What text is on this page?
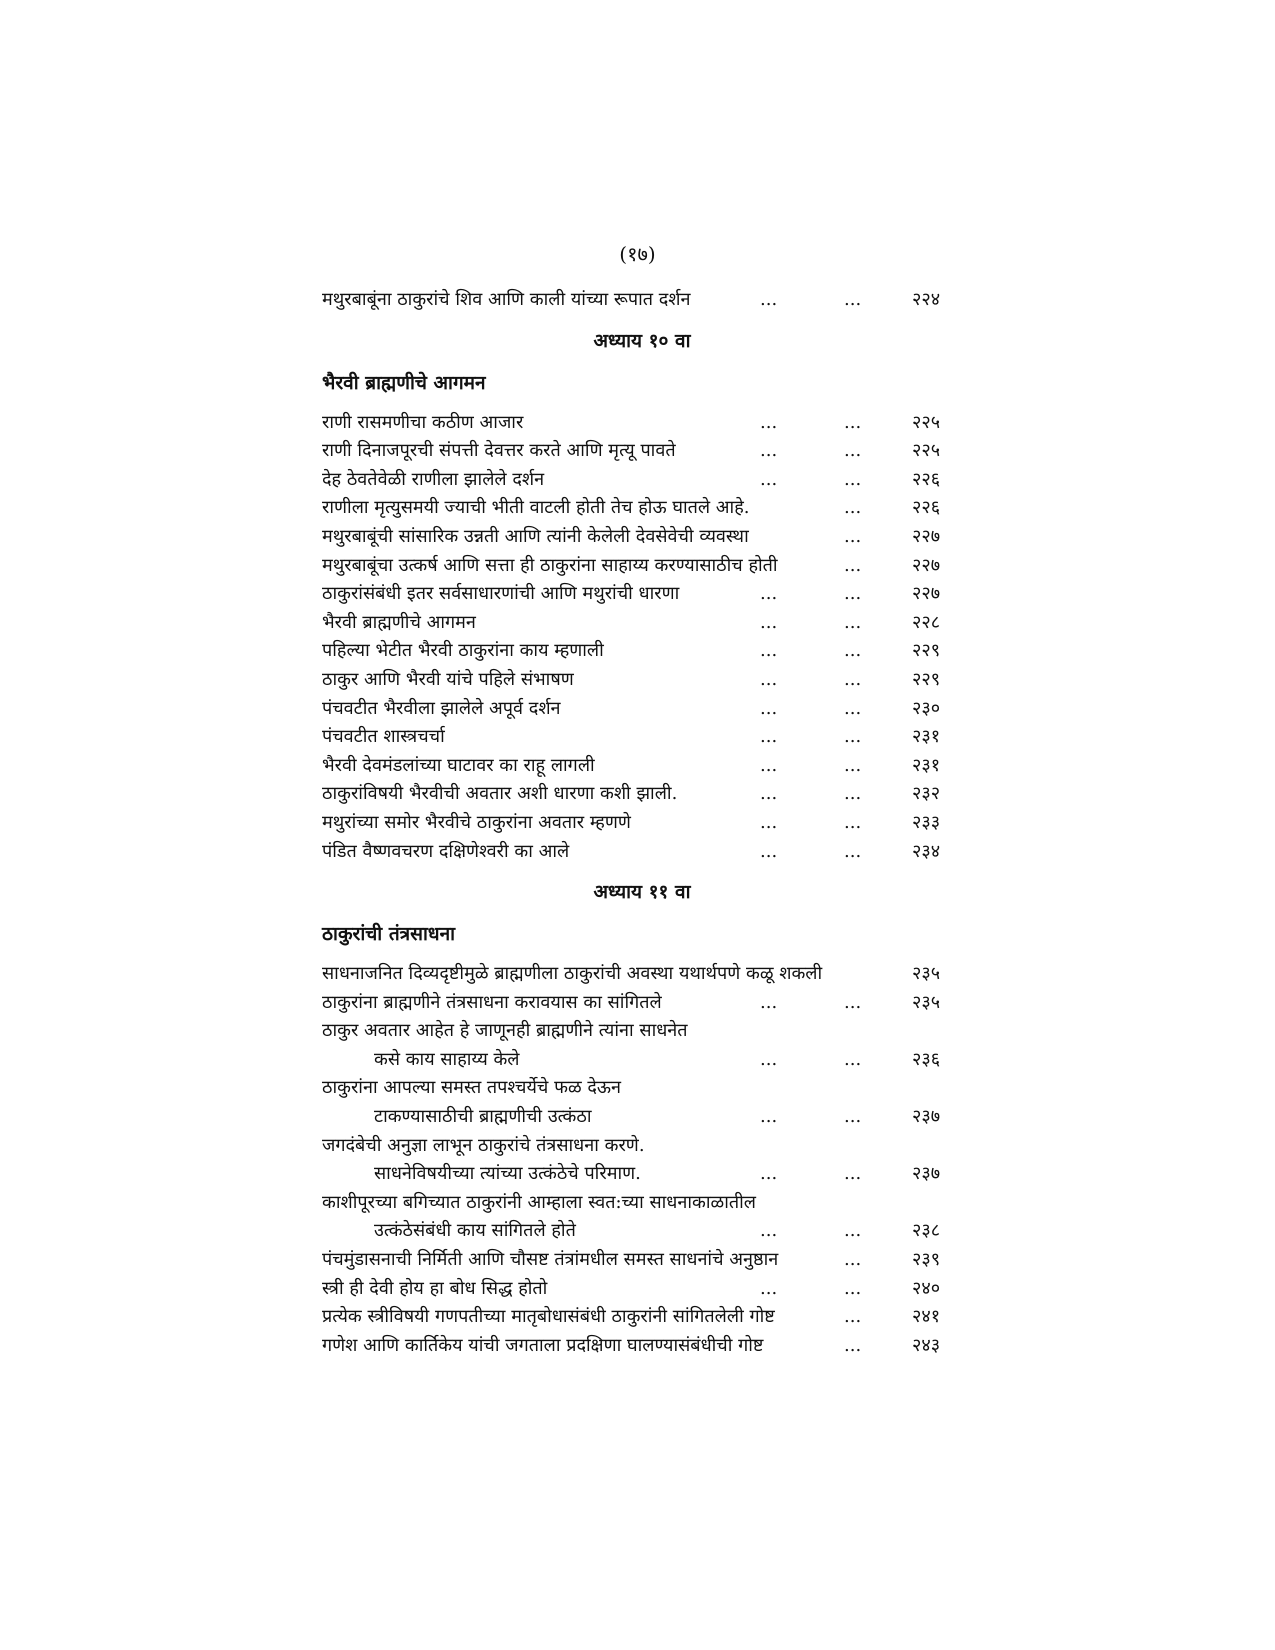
(१७)
मथुरबाबूंना ठाकुरांचे शिव आणि काली यांच्या रूपात दर्शन	...	...	२२४
अध्याय १० वा
भैरवी ब्राह्मणीचे आगमन
राणी रासमणीचा कठीण आजार	...	...	२२५
राणी दिनाजपूरची संपत्ती देवत्तर करते आणि मृत्यू पावते	...	...	२२५
देह ठेवतेवेळी राणीला झालेले दर्शन	...	...	२२६
राणीला मृत्युसमयी ज्याची भीती वाटली होती तेच होऊ घातले आहे.	...	२२६
मथुरबाबूंची सांसारिक उन्नती आणि त्यांनी केलेली देवसेवेची व्यवस्था	...	२२७
मथुरबाबूंचा उत्कर्ष आणि सत्ता ही ठाकुरांना साहाय्य करण्यासाठीच होती	...	२२७
ठाकुरांसंबंधी इतर सर्वसाधारणांची आणि मथुरांची धारणा	...	...	२२७
भैरवी ब्राह्मणीचे आगमन	...	...	२२८
पहिल्या भेटीत भैरवी ठाकुरांना काय म्हणाली	...	...	२२९
ठाकुर आणि भैरवी यांचे पहिले संभाषण	...	...	२२९
पंचवटीत भैरवीला झालेले अपूर्व दर्शन	...	...	२३०
पंचवटीत शास्त्रचर्चा	...	...	२३१
भैरवी देवमंडलांच्या घाटावर का राहू लागली	...	...	२३१
ठाकुरांविषयी भैरवीची अवतार अशी धारणा कशी झाली.	...	...	२३२
मथुरांच्या समोर भैरवीचे ठाकुरांना अवतार म्हणणे	...	...	२३३
पंडित वैष्णवचरण दक्षिणेश्वरी का आले	...	...	२३४
अध्याय ११ वा
ठाकुरांची तंत्रसाधना
साधनाजनित दिव्यदृष्टीमुळे ब्राह्मणीला ठाकुरांची अवस्था यथार्थपणे कळू शकली	२३५
ठाकुरांना ब्राह्मणीने तंत्रसाधना करावयास का सांगितले	...	...	२३५
ठाकुर अवतार आहेत हे जाणूनही ब्राह्मणीने त्यांना साधनेत
कसे काय साहाय्य केले	...	...	२३६
ठाकुरांना आपल्या समस्त तपश्चर्येचे फळ देऊन
टाकण्यासाठीची ब्राह्मणीची उत्कंठा	...	...	२३७
जगदंबेची अनुज्ञा लाभून ठाकुरांचे तंत्रसाधना करणे.
साधनेविषयीच्या त्यांच्या उत्कंठेचे परिमाण.	...	...	२३७
काशीपूरच्या बगिच्यात ठाकुरांनी आम्हाला स्वत:च्या साधनाकाळातील
उत्कंठेसंबंधी काय सांगितले होते	...	...	२३८
पंचमुंडासनाची निर्मिती आणि चौसष्ट तंत्रांमधील समस्त साधनांचे अनुष्ठान	...	२३९
स्त्री ही देवी होय हा बोध सिद्ध होतो	...	...	२४०
प्रत्येक स्त्रीविषयी गणपतीच्या मातृबोधासंबंधी ठाकुरांनी सांगितलेली गोष्ट	...	२४१
गणेश आणि कार्तिकेय यांची जगताला प्रदक्षिणा घालण्यासंबंधीची गोष्ट	...	२४३
